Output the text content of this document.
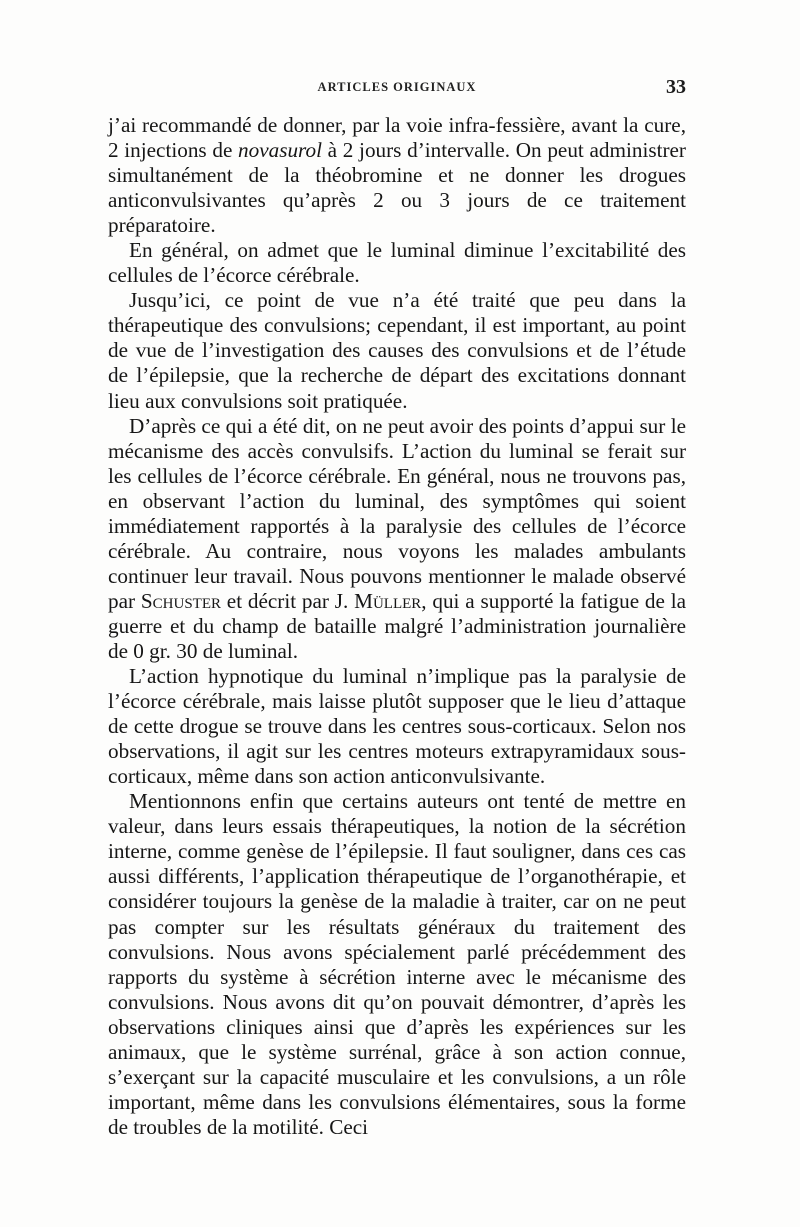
ARTICLES ORIGINAUX	33

j’ai recommandé de donner, par la voie infra-fessière, avant la cure, 2 injections de novasurol à 2 jours d’intervalle. On peut administrer simultanément de la théobromine et ne donner les drogues anticonvulsivantes qu’après 2 ou 3 jours de ce traitement préparatoire.

En général, on admet que le luminal diminue l’excitabilité des cellules de l’écorce cérébrale.

Jusqu’ici, ce point de vue n’a été traité que peu dans la thérapeutique des convulsions; cependant, il est important, au point de vue de l’investigation des causes des convulsions et de l’étude de l’épilepsie, que la recherche de départ des excitations donnant lieu aux convulsions soit pratiquée.

D’après ce qui a été dit, on ne peut avoir des points d’appui sur le mécanisme des accès convulsifs. L’action du luminal se ferait sur les cellules de l’écorce cérébrale. En général, nous ne trouvons pas, en observant l’action du luminal, des symptômes qui soient immédiatement rapportés à la paralysie des cellules de l’écorce cérébrale. Au contraire, nous voyons les malades ambulants continuer leur travail. Nous pouvons mentionner le malade observé par Schuster et décrit par J. Müller, qui a supporté la fatigue de la guerre et du champ de bataille malgré l’administration journalière de 0 gr. 30 de luminal.

L’action hypnotique du luminal n’implique pas la paralysie de l’écorce cérébrale, mais laisse plutôt supposer que le lieu d’attaque de cette drogue se trouve dans les centres sous-corticaux. Selon nos observations, il agit sur les centres moteurs extrapyramidaux sous-corticaux, même dans son action anticonvulsivante.

Mentionnons enfin que certains auteurs ont tenté de mettre en valeur, dans leurs essais thérapeutiques, la notion de la sécrétion interne, comme genèse de l’épilepsie. Il faut souligner, dans ces cas aussi différents, l’application thérapeutique de l’organothérapie, et considérer toujours la genèse de la maladie à traiter, car on ne peut pas compter sur les résultats généraux du traitement des convulsions. Nous avons spécialement parlé précédemment des rapports du système à sécrétion interne avec le mécanisme des convulsions. Nous avons dit qu’on pouvait démontrer, d’après les observations cliniques ainsi que d’après les expériences sur les animaux, que le système surrénal, grâce à son action connue, s’exerçant sur la capacité musculaire et les convulsions, a un rôle important, même dans les convulsions élémentaires, sous la forme de troubles de la motilité. Ceci
